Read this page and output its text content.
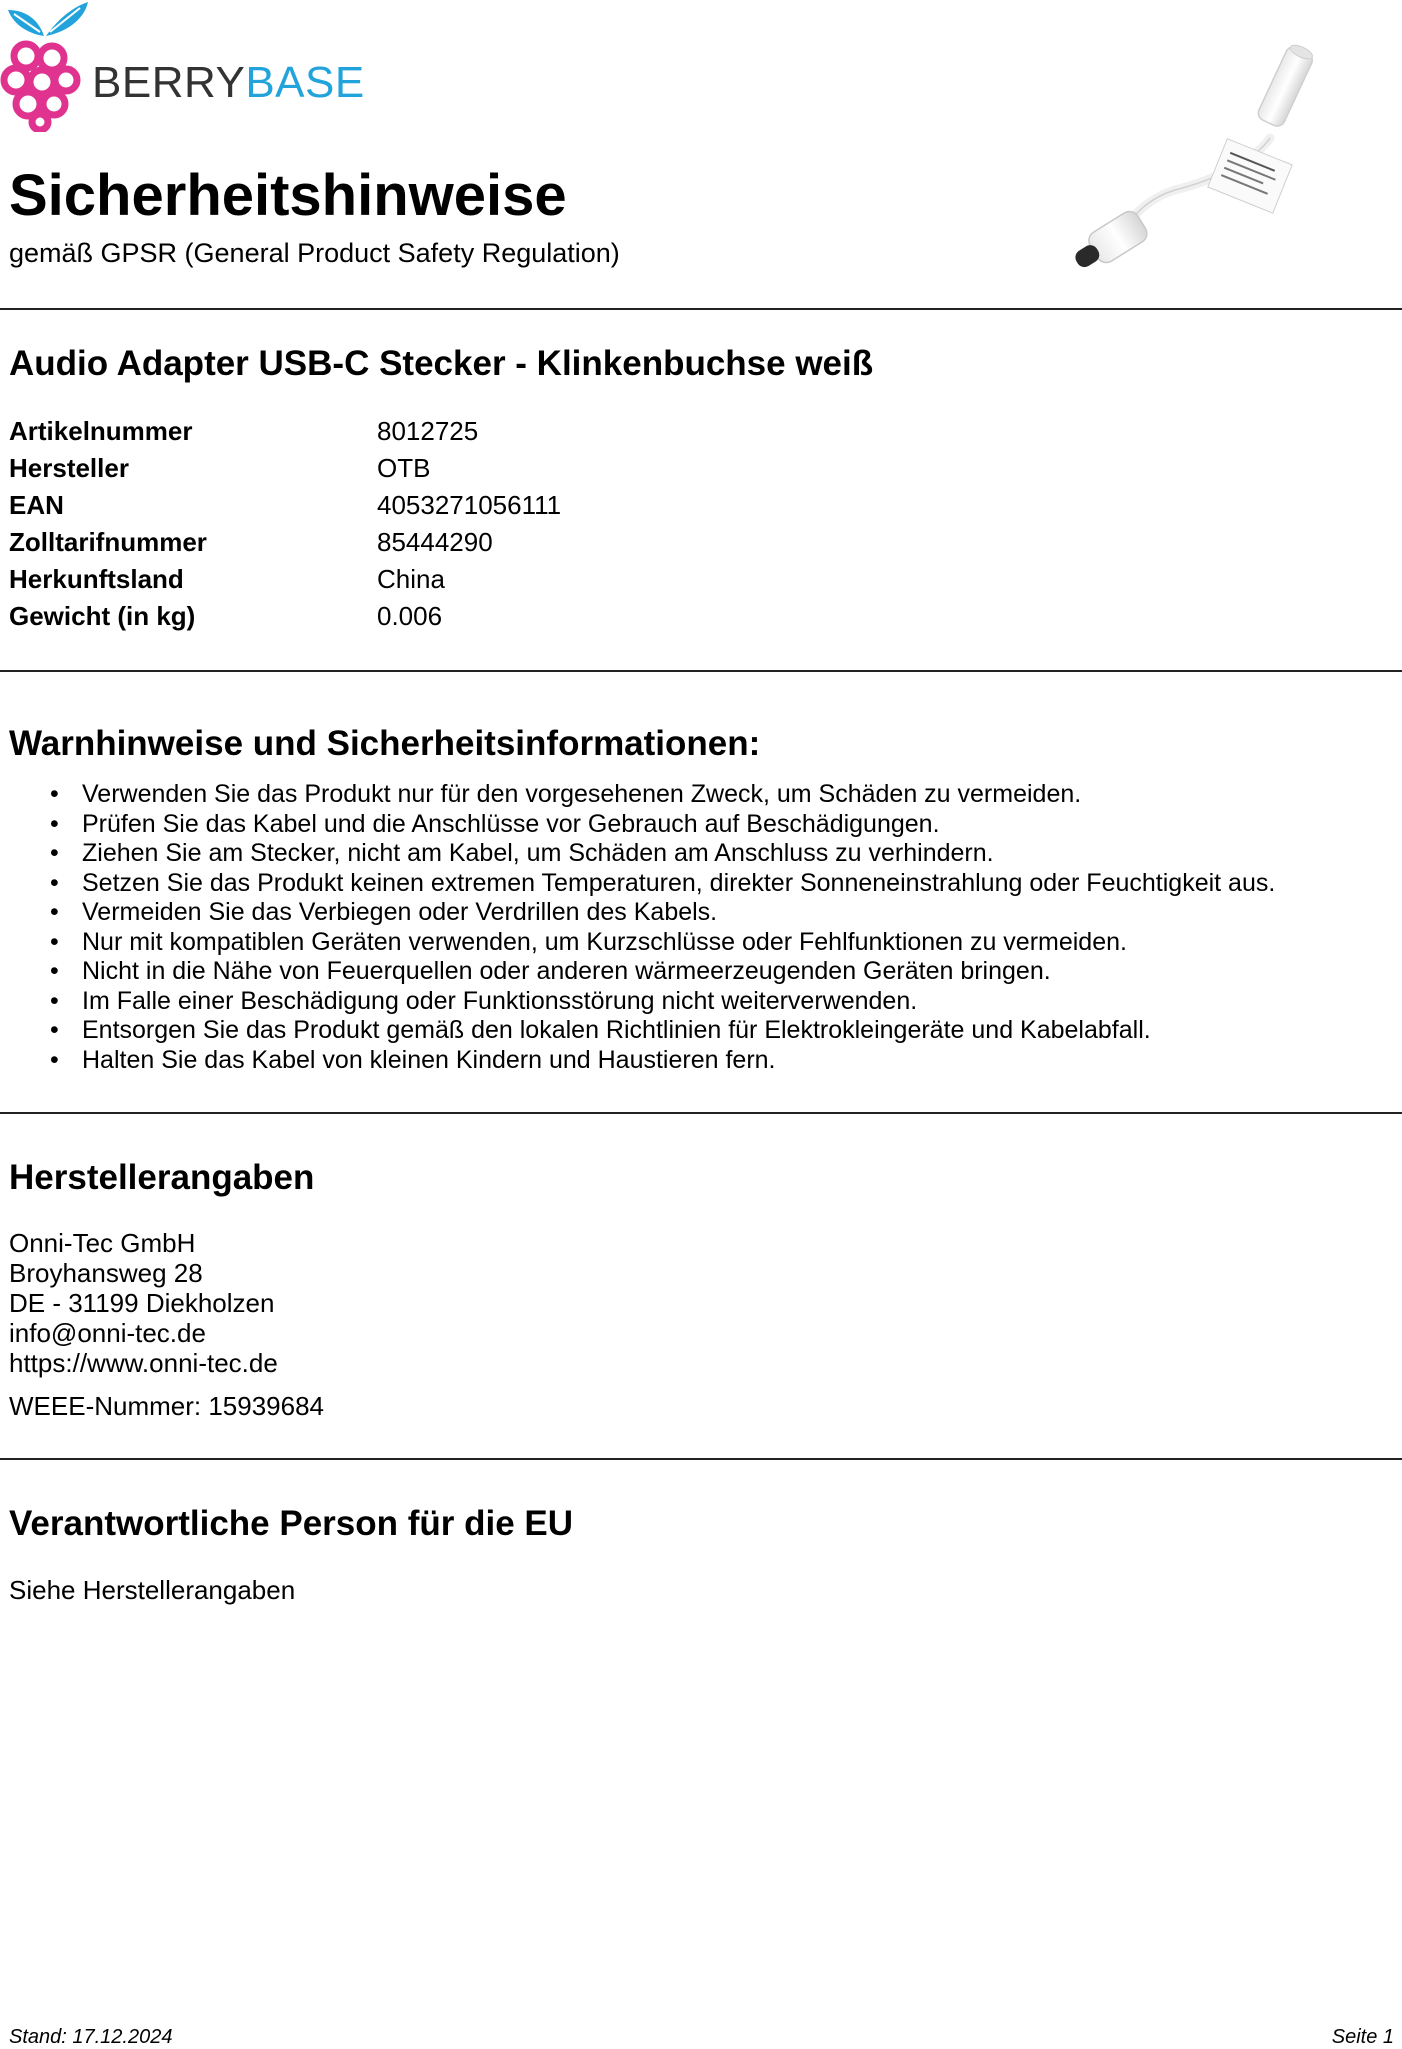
BERRYBASE
Sicherheitshinweise
gemäß GPSR (General Product Safety Regulation)
Audio Adapter USB-C Stecker - Klinkenbuchse weiß
Artikelnummer	8012725
Hersteller	OTB
EAN	4053271056111
Zolltarifnummer	85444290
Herkunftsland	China
Gewicht (in kg)	0.006
Warnhinweise und Sicherheitsinformationen:
• Verwenden Sie das Produkt nur für den vorgesehenen Zweck, um Schäden zu vermeiden.
• Prüfen Sie das Kabel und die Anschlüsse vor Gebrauch auf Beschädigungen.
• Ziehen Sie am Stecker, nicht am Kabel, um Schäden am Anschluss zu verhindern.
• Setzen Sie das Produkt keinen extremen Temperaturen, direkter Sonneneinstrahlung oder Feuchtigkeit aus.
• Vermeiden Sie das Verbiegen oder Verdrillen des Kabels.
• Nur mit kompatiblen Geräten verwenden, um Kurzschlüsse oder Fehlfunktionen zu vermeiden.
• Nicht in die Nähe von Feuerquellen oder anderen wärmeerzeugenden Geräten bringen.
• Im Falle einer Beschädigung oder Funktionsstörung nicht weiterverwenden.
• Entsorgen Sie das Produkt gemäß den lokalen Richtlinien für Elektrokleingeräte und Kabelabfall.
• Halten Sie das Kabel von kleinen Kindern und Haustieren fern.
Herstellerangaben
Onni-Tec GmbH
Broyhansweg 28
DE - 31199 Diekholzen
info@onni-tec.de
https://www.onni-tec.de
WEEE-Nummer: 15939684
Verantwortliche Person für die EU
Siehe Herstellerangaben
Stand: 17.12.2024	Seite 1
